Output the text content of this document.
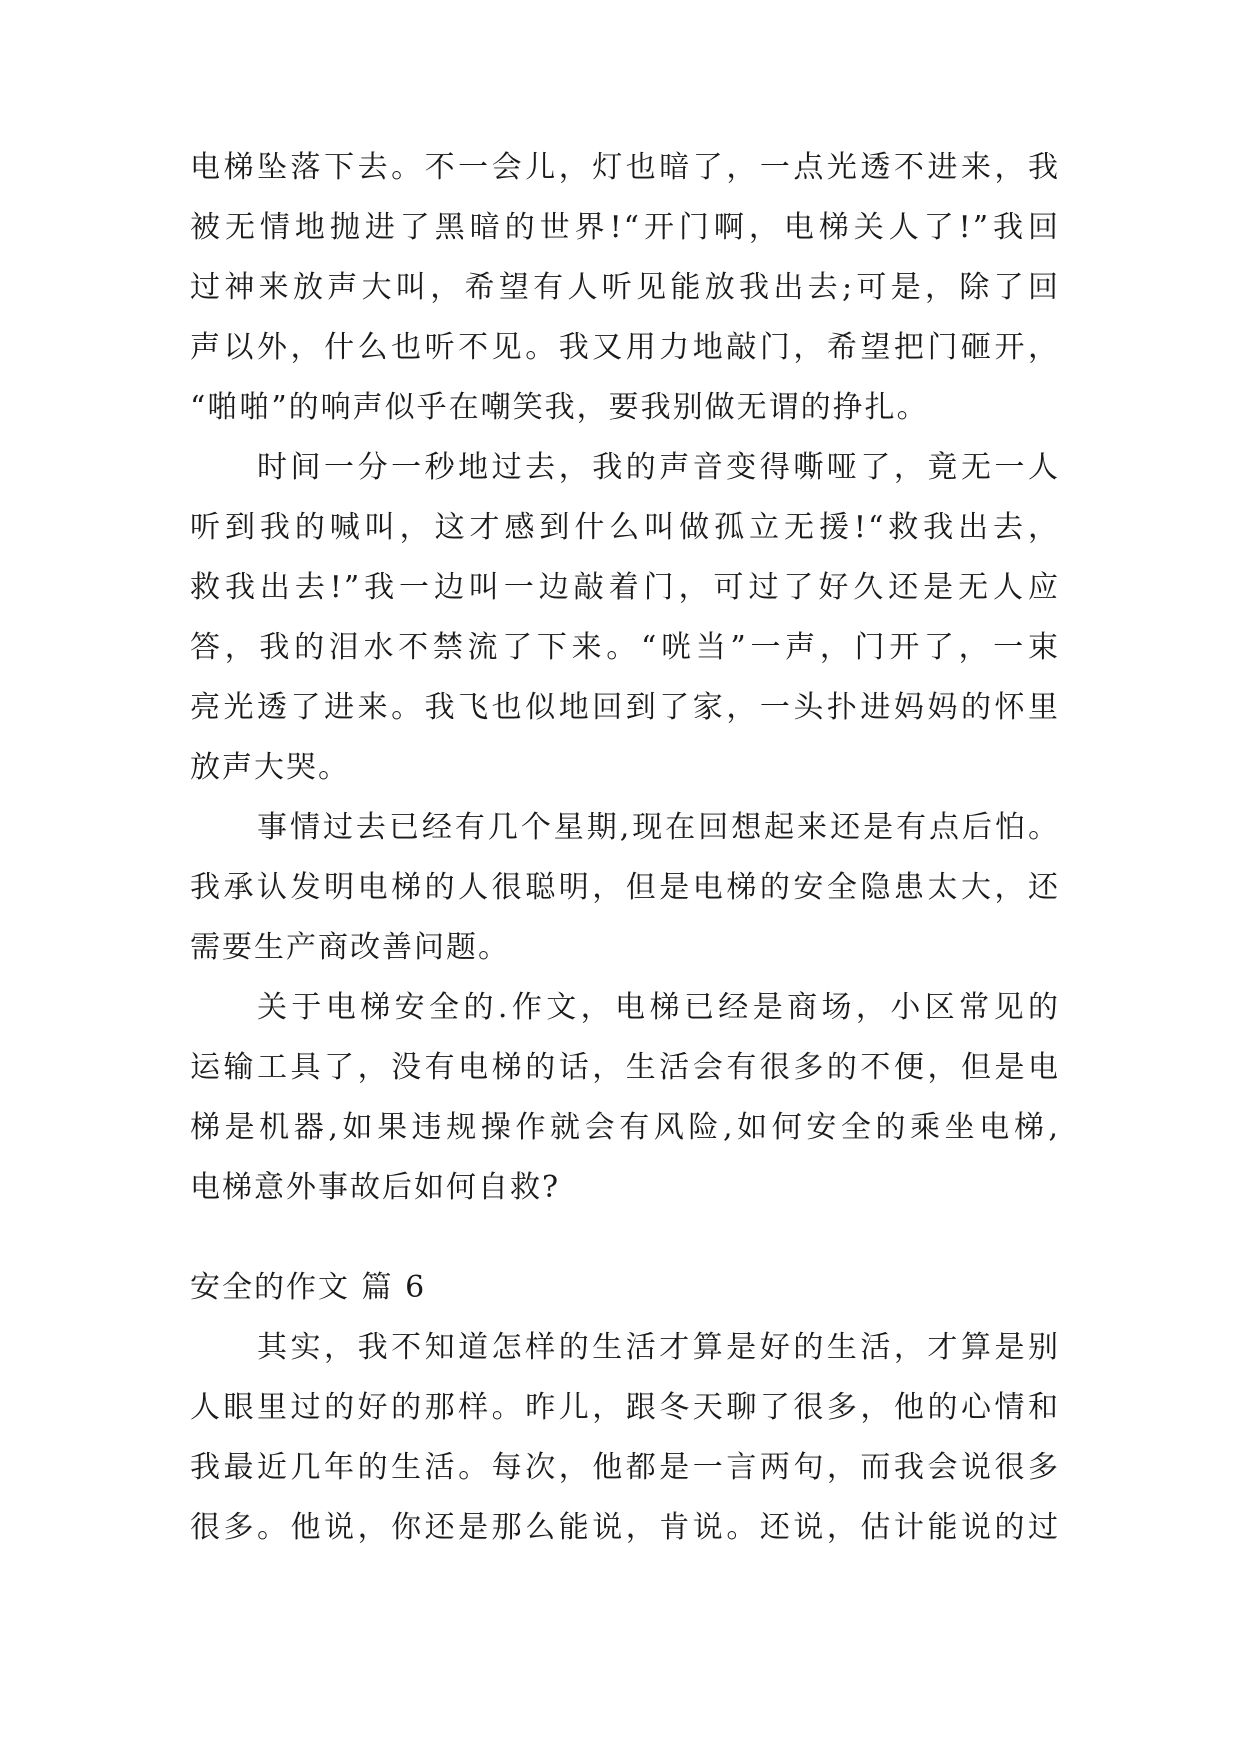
电梯坠落下去。不一会儿，灯也暗了，一点光透不进来，我
被无情地抛进了黑暗的世界!“开门啊，电梯关人了!”我回
过神来放声大叫，希望有人听见能放我出去;可是，除了回
声以外，什么也听不见。我又用力地敲门，希望把门砸开，
“啪啪”的响声似乎在嘲笑我，要我别做无谓的挣扎。
时间一分一秒地过去，我的声音变得嘶哑了，竟无一人
听到我的喊叫，这才感到什么叫做孤立无援!“救我出去，
救我出去!”我一边叫一边敲着门，可过了好久还是无人应
答，我的泪水不禁流了下来。“咣当”一声，门开了，一束
亮光透了进来。我飞也似地回到了家，一头扑进妈妈的怀里
放声大哭。
事情过去已经有几个星期,现在回想起来还是有点后怕。
我承认发明电梯的人很聪明，但是电梯的安全隐患太大，还
需要生产商改善问题。
关于电梯安全的.作文，电梯已经是商场，小区常见的
运输工具了，没有电梯的话，生活会有很多的不便，但是电
梯是机器,如果违规操作就会有风险,如何安全的乘坐电梯,
电梯意外事故后如何自救?
安全的作文 篇 6
其实，我不知道怎样的生活才算是好的生活，才算是别
人眼里过的好的那样。昨儿，跟冬天聊了很多，他的心情和
我最近几年的生活。每次，他都是一言两句，而我会说很多
很多。他说，你还是那么能说，肯说。还说，估计能说的过
